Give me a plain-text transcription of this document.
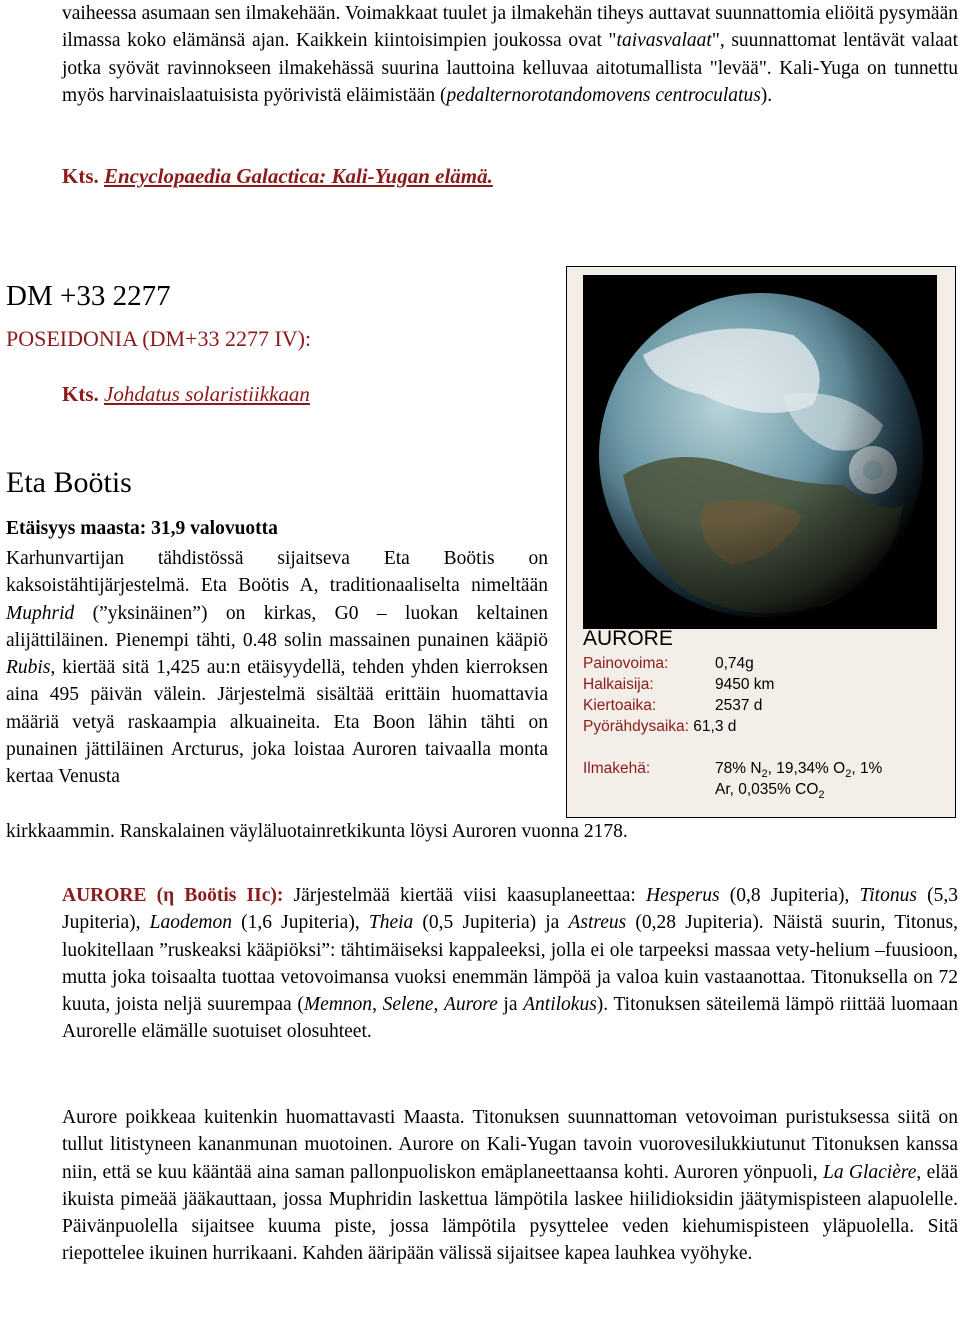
vaiheessa asumaan sen ilmakehään. Voimakkaat tuulet ja ilmakehän tiheys auttavat suunnattomia eliöitä pysymään ilmassa koko elämänsä ajan. Kaikkein kiintoisimpien joukossa ovat "taivasvalaat", suunnattomat lentävät valaat jotka syövät ravinnokseen ilmakehässä suurina lauttoina kelluvaa aitotumallista "levää". Kali-Yuga on tunnettu myös harvinaislaatuisista pyörivistä eläimistään (pedalternorotandomovens centroculatus).

Kts. Encyclopaedia Galactica: Kali-Yugan elämä.
DM +33 2277
POSEIDONIA (DM+33 2277 IV):
Kts. Johdatus solaristiikkaan
Eta Boötis
Etäisyys maasta: 31,9 valovuotta

Karhunvartijan tähdistössä sijaitseva Eta Boötis on kaksoistähtijärjestelmä. Eta Boötis A, traditionaaliselta nimeltään Muphrid (”yksinäinen”) on kirkas, G0 – luokan keltainen alijättiläinen. Pienempi tähti, 0.48 solin massainen punainen kääpiö Rubis, kiertää sitä 1,425 au:n etäisyydellä, tehden yhden kierroksen aina 495 päivän välein. Järjestelmä sisältää erittäin huomattavia määriä vetyä raskaampia alkuaineita. Eta Boon lähin tähti on punainen jättiläinen Arcturus, joka loistaa Auroren taivaalla monta kertaa Venusta

kirkkaammin. Ranskalainen väyläluotainretkikunta löysi Auroren vuonna 2178.
AURORE
Painovoima:	0,74g
Halkaisija:	9450 km
Kiertoaika:	2537 d
Pyörähdysaika: 61,3 d
Ilmakehä:	78% $N_2$, 19,34% $O_2$, 1%
Ar, 0,035% $CO_2$

AURORE (η Boötis IIc): Järjestelmää kiertää viisi kaasuplaneettaa: Hesperus (0,8 Jupiteria), Titonus (5,3 Jupiteria), Laodemon (1,6 Jupiteria), Theia (0,5 Jupiteria) ja Astreus (0,28 Jupiteria). Näistä suurin, Titonus, luokitellaan ”ruskeaksi kääpiöksi”: tähtimäiseksi kappaleeksi, jolla ei ole tarpeeksi massaa vety-helium –fuusioon, mutta joka toisaalta tuottaa vetovoimansa vuoksi enemmän lämpöä ja valoa kuin vastaanottaa. Titonuksella on 72 kuuta, joista neljä suurempaa (Memnon, Selene, Aurore ja Antilokus). Titonuksen säteilemä lämpö riittää luomaan Aurorelle elämälle suotuiset olosuhteet.

Aurore poikkeaa kuitenkin huomattavasti Maasta. Titonuksen suunnattoman vetovoiman puristuksessa siitä on tullut litistyneen kananmunan muotoinen. Aurore on Kali-Yugan tavoin vuorovesilukkiutunut Titonuksen kanssa niin, että se kuu kääntää aina saman pallonpuoliskon emäplaneettaansa kohti. Auroren yönpuoli, La Glacière, elää ikuista pimeää jääkauttaan, jossa Muphridin laskettua lämpötila laskee hiilidioksidin jäätymispisteen alapuolelle. Päivänpuolella sijaitsee kuuma piste, jossa lämpötila pysyttelee veden kiehumispisteen yläpuolella. Sitä riepottelee ikuinen hurrikaani. Kahden ääripään välissä sijaitsee kapea lauhkea vyöhyke.
